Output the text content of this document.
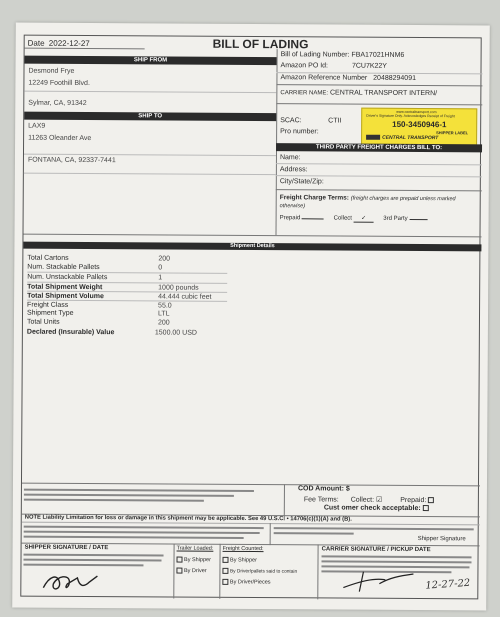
Date 2022-12-27	BILL OF LADING
SHIP FROM
Desmond Frye
12249 Foothill Blvd.
Sylmar, CA, 91342
SHIP TO
LAX9
11263 Oleander Ave
FONTANA, CA, 92337-7441
Bill of Lading Number: FBA17021HNM6
Amazon PO Id:	7CU7K22Y
Amazon Reference Number 20488294091
CARRIER NAME: CENTRAL TRANSPORT INTERN/
SCAC:	CTII
Pro number:
www.centraltransport.com
Driver's Signature Only. Acknowledges Receipt of Freight
150-3450946-1
SHIPPER LABEL
CENTRAL TRANSPORT
THIRD PARTY FREIGHT CHARGES BILL TO:
Name:
Address:
City/State/Zip:
Freight Charge Terms: (freight charges are prepaid unless marked otherwise)
Prepaid	Collect ✓	3rd Party
Shipment Details
Total Cartons	200
Num. Stackable Pallets	0
Num. Unstackable Pallets	1
Total Shipment Weight	1000 pounds
Total Shipment Volume	44.444 cubic feet
Freight Class	55.0
Shipment Type	LTL
Total Units	200
Declared (Insurable) Value	1500.00 USD
COD Amount: $
Fee Terms: Collect: ☑	Prepaid:
Cust omer check acceptable:
NOTE Liability Limitation for loss or damage in this shipment may be applicable. See 49 U.S.C. • 14706(c)(1)(A) and (B).
Shipper Signature
SHIPPER SIGNATURE / DATE	Trailer Loaded:
By Shipper
By Driver
Freight Counted:
By Shipper
By Driver/pallets said to contain
By Driver/Pieces
CARRIER SIGNATURE / PICKUP DATE
12-27-22
